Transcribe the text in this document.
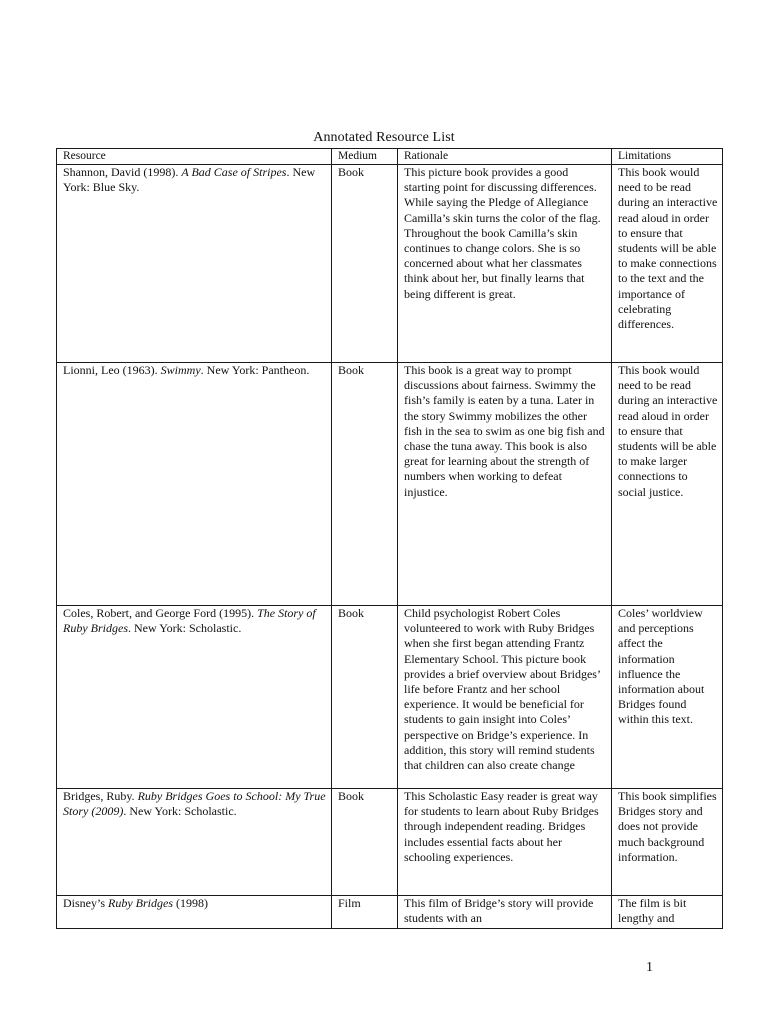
Annotated Resource List
Resource	Medium	Rationale	Limitations

Shannon, David (1998). A Bad Case of Stripes. New York: Blue Sky.	Book	This picture book provides a good starting point for discussing differences. While saying the Pledge of Allegiance Camilla’s skin turns the color of the flag. Throughout the book Camilla’s skin continues to change colors. She is so concerned about what her classmates think about her, but finally learns that being different is great.	This book would need to be read during an interactive read aloud in order to ensure that students will be able to make connections to the text and the importance of celebrating differences.

Lionni, Leo (1963). Swimmy. New York: Pantheon.	Book	This book is a great way to prompt discussions about fairness. Swimmy the fish’s family is eaten by a tuna. Later in the story Swimmy mobilizes the other fish in the sea to swim as one big fish and chase the tuna away. This book is also great for learning about the strength of numbers when working to defeat injustice.	This book would need to be read during an interactive read aloud in order to ensure that students will be able to make larger connections to social justice.

Coles, Robert, and George Ford (1995). The Story of Ruby Bridges. New York: Scholastic.	Book	Child psychologist Robert Coles volunteered to work with Ruby Bridges when she first began attending Frantz Elementary School. This picture book provides a brief overview about Bridges’ life before Frantz and her school experience. It would be beneficial for students to gain insight into Coles’ perspective on Bridge’s experience. In addition, this story will remind students that children can also create change	Coles’ worldview and perceptions affect the information influence the information about Bridges found within this text.

Bridges, Ruby. Ruby Bridges Goes to School: My True Story (2009). New York: Scholastic.	Book	This Scholastic Easy reader is great way for students to learn about Ruby Bridges through independent reading. Bridges includes essential facts about her schooling experiences.	This book simplifies Bridges story and does not provide much background information.

Disney’s Ruby Bridges (1998)	Film	This film of Bridge’s story will provide students with an	The film is bit lengthy and
1
